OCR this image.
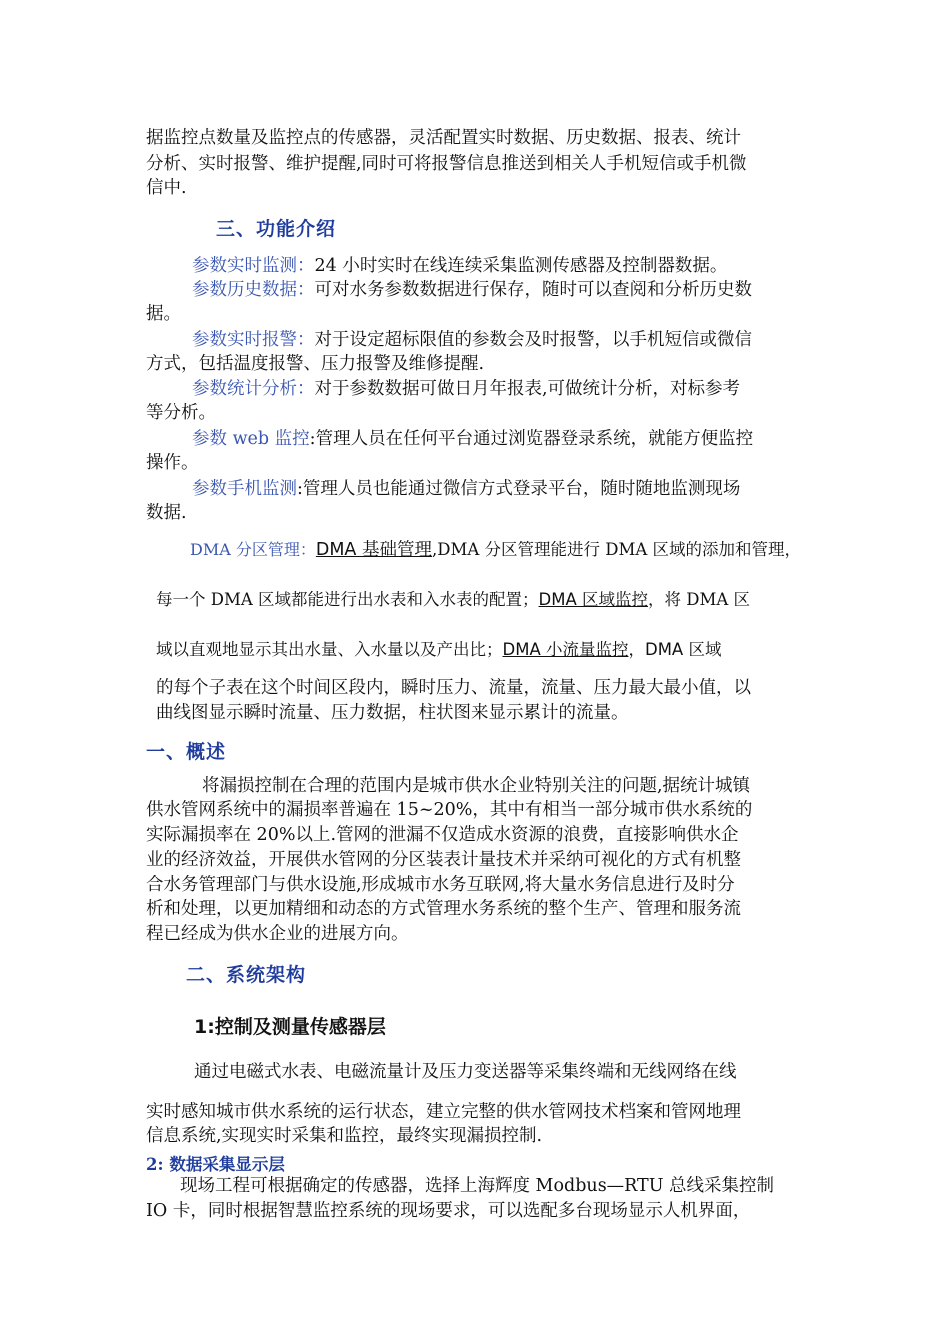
据监控点数量及监控点的传感器，灵活配置实时数据、历史数据、报表、统计
分析、实时报警、维护提醒,同时可将报警信息推送到相关人手机短信或手机微
信中.
三、功能介绍
参数实时监测：24 小时实时在线连续采集监测传感器及控制器数据。
参数历史数据：可对水务参数数据进行保存，随时可以查阅和分析历史数
据。
参数实时报警：对于设定超标限值的参数会及时报警，以手机短信或微信
方式，包括温度报警、压力报警及维修提醒.
参数统计分析：对于参数数据可做日月年报表,可做统计分析，对标参考
等分析。
参数 web 监控:管理人员在任何平台通过浏览器登录系统，就能方便监控
操作。
参数手机监测:管理人员也能通过微信方式登录平台，随时随地监测现场
数据.
DMA 分区管理：DMA 基础管理,DMA 分区管理能进行 DMA 区域的添加和管理，
每一个 DMA 区域都能进行出水表和入水表的配置；DMA 区域监控，将 DMA 区
域以直观地显示其出水量、入水量以及产出比；DMA 小流量监控，DMA 区域
的每个子表在这个时间区段内，瞬时压力、流量，流量、压力最大最小值，以
曲线图显示瞬时流量、压力数据，柱状图来显示累计的流量。
一、概述
将漏损控制在合理的范围内是城市供水企业特别关注的问题,据统计城镇
供水管网系统中的漏损率普遍在 15~20%，其中有相当一部分城市供水系统的
实际漏损率在 20%以上.管网的泄漏不仅造成水资源的浪费，直接影响供水企
业的经济效益，开展供水管网的分区装表计量技术并采纳可视化的方式有机整
合水务管理部门与供水设施,形成城市水务互联网,将大量水务信息进行及时分
析和处理，以更加精细和动态的方式管理水务系统的整个生产、管理和服务流
程已经成为供水企业的进展方向。
二、系统架构
1:控制及测量传感器层
通过电磁式水表、电磁流量计及压力变送器等采集终端和无线网络在线
实时感知城市供水系统的运行状态，建立完整的供水管网技术档案和管网地理
信息系统,实现实时采集和监控，最终实现漏损控制.
2: 数据采集显示层
现场工程可根据确定的传感器，选择上海辉度 Modbus—RTU 总线采集控制
IO 卡，同时根据智慧监控系统的现场要求，可以选配多台现场显示人机界面，
